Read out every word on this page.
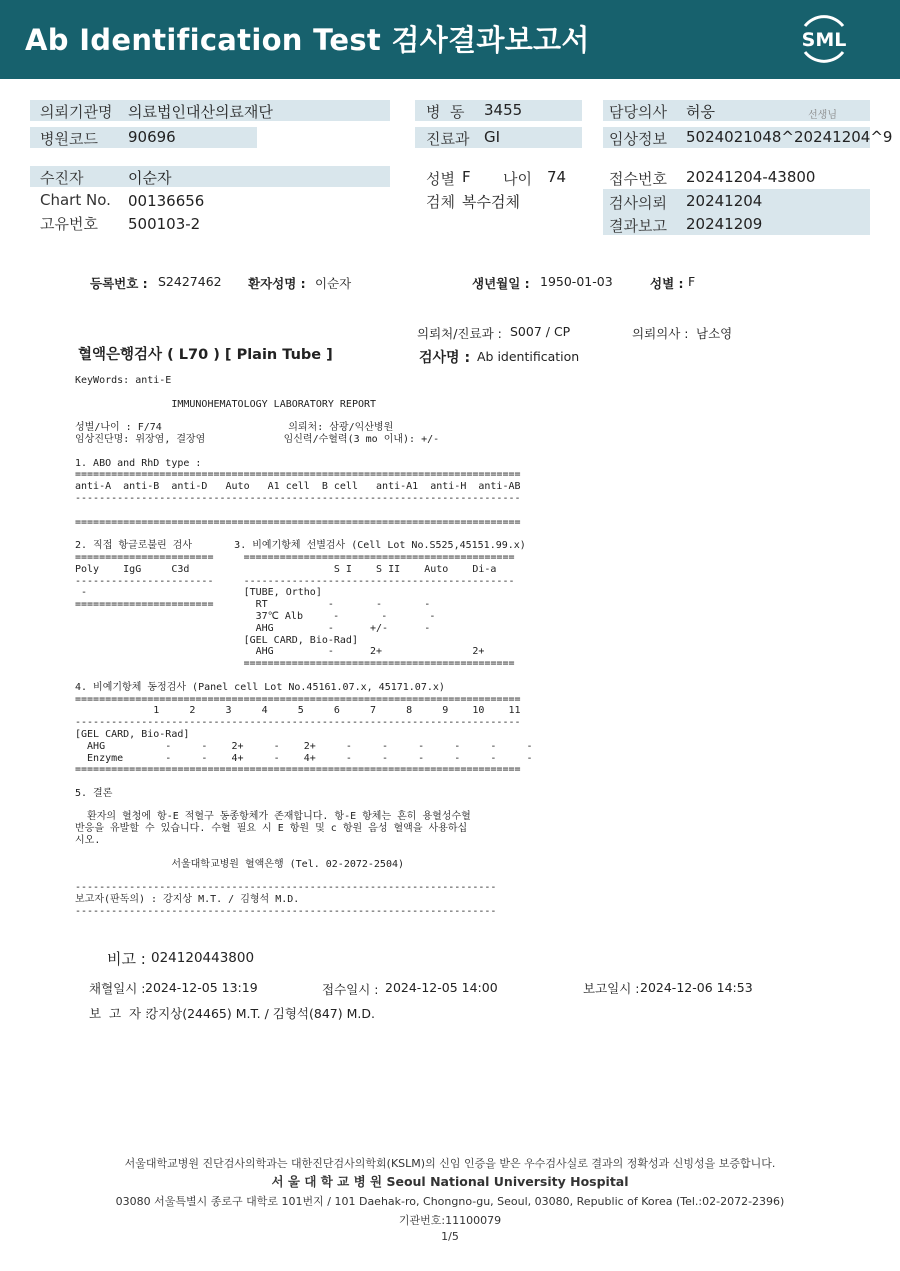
Ab Identification Test 검사결과보고서	SML
의뢰기관명 의료법인대산의료재단	병  동 3455	담당의사 허웅	선생님
병원코드 90696	진료과 GI	임상정보 5024021048^20241204^9
수진자	이순자	성별 F 나이 74	접수번호 20241204-43800
Chart No. 00136656	검체 복수검체	검사의뢰 20241204
고유번호 500103-2	결과보고 20241209
등록번호 : S2427462 환자성명 : 이순자	생년월일 : 1950-01-03	성별 : F
의뢰처/진료과 : S007 / CP	의뢰의사 : 남소영
혈액은행검사 ( L70 ) [ Plain Tube ]	검사명 : Ab identification
KeyWords: anti-E

IMMUNOHEMATOLOGY LABORATORY REPORT

성별/나이 : F/74                     의뢰처: 삼광/익산병원
임상진단명: 위장염, 결장염             임신력/수혈력(3 mo 이내): +/-

1. ABO and RhD type :
==========================================================================
anti-A  anti-B  anti-D   Auto   A1 cell  B cell   anti-A1  anti-H  anti-AB
--------------------------------------------------------------------------

==========================================================================

2. 직접 항글로불린 검사       3. 비예기항체 선별검사 (Cell Lot No.S525,45151.99.x)
=======================     =============================================
Poly    IgG     C3d                        S I    S II    Auto    Di-a
-----------------------     ---------------------------------------------
-                          [TUBE, Ortho]
=======================       RT          -       -       -
37℃ Alb     -       -       -
AHG         -      +/-      -
[GEL CARD, Bio-Rad]
AHG         -      2+               2+
=============================================

4. 비예기항체 동정검사 (Panel cell Lot No.45161.07.x, 45171.07.x)
==========================================================================
1     2     3     4     5     6     7     8     9    10    11
--------------------------------------------------------------------------
[GEL CARD, Bio-Rad]
AHG          -     -    2+     -    2+     -     -     -     -     -     -
Enzyme       -     -    4+     -    4+     -     -     -     -     -     -
==========================================================================

5. 결론

환자의 혈청에 항-E 적혈구 동종항체가 존재합니다. 항-E 항체는 흔히 용혈성수혈
반응을 유발할 수 있습니다. 수혈 필요 시 E 항원 및 c 항원 음성 혈액을 사용하십
시오.

서울대학교병원 혈액은행 (Tel. 02-2072-2504)

----------------------------------------------------------------------
보고자(판독의) : 강지상 M.T. / 김형석 M.D.
----------------------------------------------------------------------
비고 : 024120443800
채혈일시 : 2024-12-05 13:19	접수일시 : 2024-12-05 14:00	보고일시 : 2024-12-06 14:53
보  고  자 :
강지상(24465) M.T. / 김형석(847) M.D.
서울대학교병원 진단검사의학과는 대한진단검사의학회(KSLM)의 신임 인증을 받은 우수검사실로 결과의 정확성과 신빙성을 보증합니다.
서 울 대 학 교 병 원 Seoul National University Hospital
03080 서울특별시 종로구 대학로 101번지 / 101 Daehak-ro, Chongno-gu, Seoul, 03080, Republic of Korea (Tel.:02-2072-2396)
기관번호:11100079
1/5
